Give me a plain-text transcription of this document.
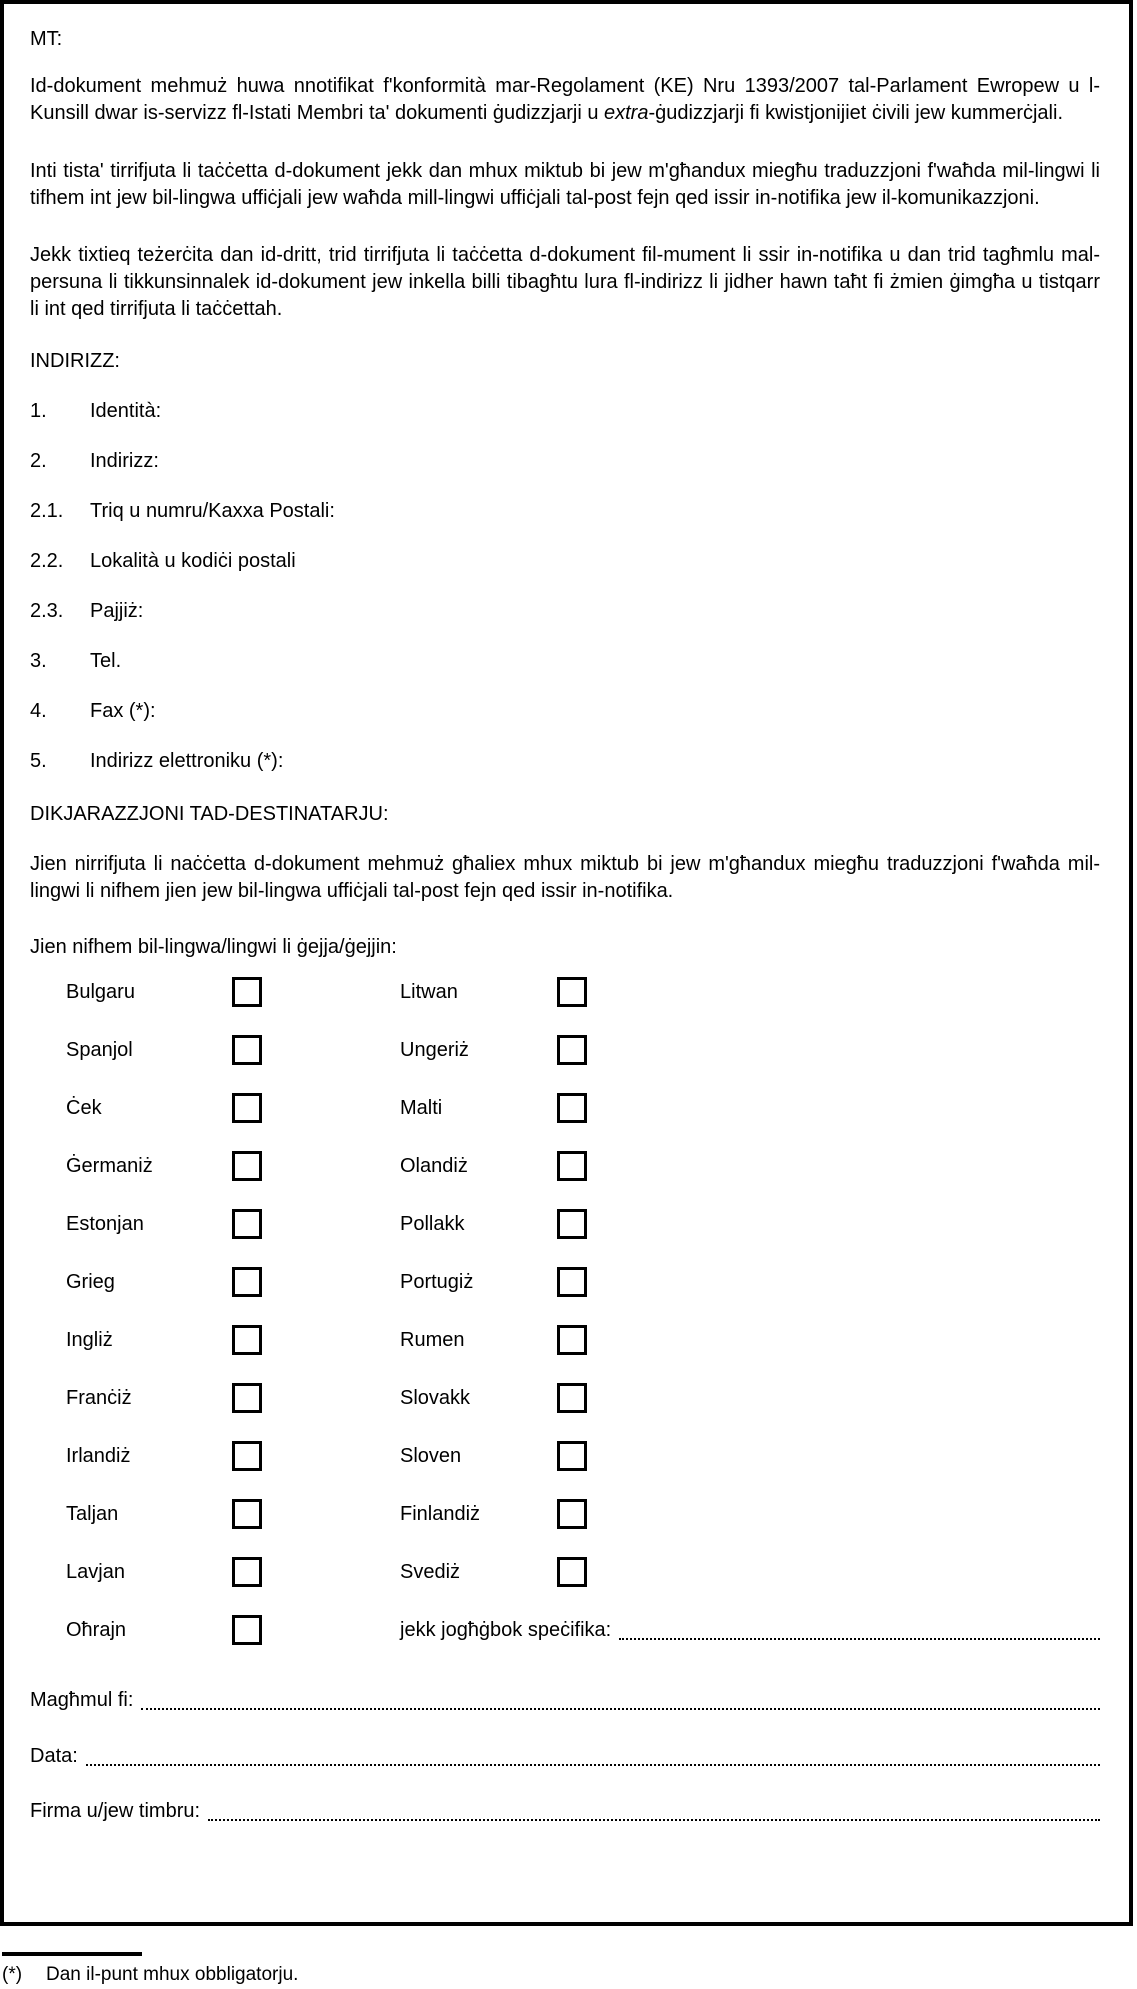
MT:

Id-dokument mehmuż huwa nnotifikat f'konformità mar-Regolament (KE) Nru 1393/2007 tal-Parlament Ewropew u l-Kunsill dwar is-servizz fl-Istati Membri ta' dokumenti ġudizzjarji u extra-ġudizzjarji fi kwistjonijiet ċivili jew kummerċjali.

Inti tista' tirrifjuta li taċċetta d-dokument jekk dan mhux miktub bi jew m'għandux miegħu traduzzjoni f'waħda mil-lingwi li tifhem int jew bil-lingwa uffiċjali jew waħda mill-lingwi uffiċjali tal-post fejn qed issir in-notifika jew il-komunikazzjoni.

Jekk tixtieq teżerċita dan id-dritt, trid tirrifjuta li taċċetta d-dokument fil-mument li ssir in-notifika u dan trid tagħmlu mal-persuna li tikkunsinnalek id-dokument jew inkella billi tibagħtu lura fl-indirizz li jidher hawn taħt fi żmien ġimgħa u tistqarr li int qed tirrifjuta li taċċettah.

INDIRIZZ:
1.	Identità:
2.	Indirizz:
2.1.	Triq u numru/Kaxxa Postali:
2.2.	Lokalità u kodiċi postali
2.3.	Pajjiż:
3.	Tel.
4.	Fax (*):
5.	Indirizz elettroniku (*):
DIKJARAZZJONI TAD-DESTINATARJU:

Jien nirrifjuta li naċċetta d-dokument mehmuż għaliex mhux miktub bi jew m'għandux miegħu traduzzjoni f'waħda mil-lingwi li nifhem jien jew bil-lingwa uffiċjali tal-post fejn qed issir in-notifika.

Jien nifhem bil-lingwa/lingwi li ġejja/ġejjin:
Bulgaru	Litwan
Spanjol	Ungeriż
Ċek	Malti
Ġermaniż	Olandiż
Estonjan	Pollakk
Grieg	Portugiż
Ingliż	Rumen
Franċiż	Slovakk
Irlandiż	Sloven
Taljan	Finlandiż
Lavjan	Svediż
Oħrajn	jekk jogħġbok speċifika:
Magħmul fi:
Data:
Firma u/jew timbru:
(*)	Dan il-punt mhux obbligatorju.
